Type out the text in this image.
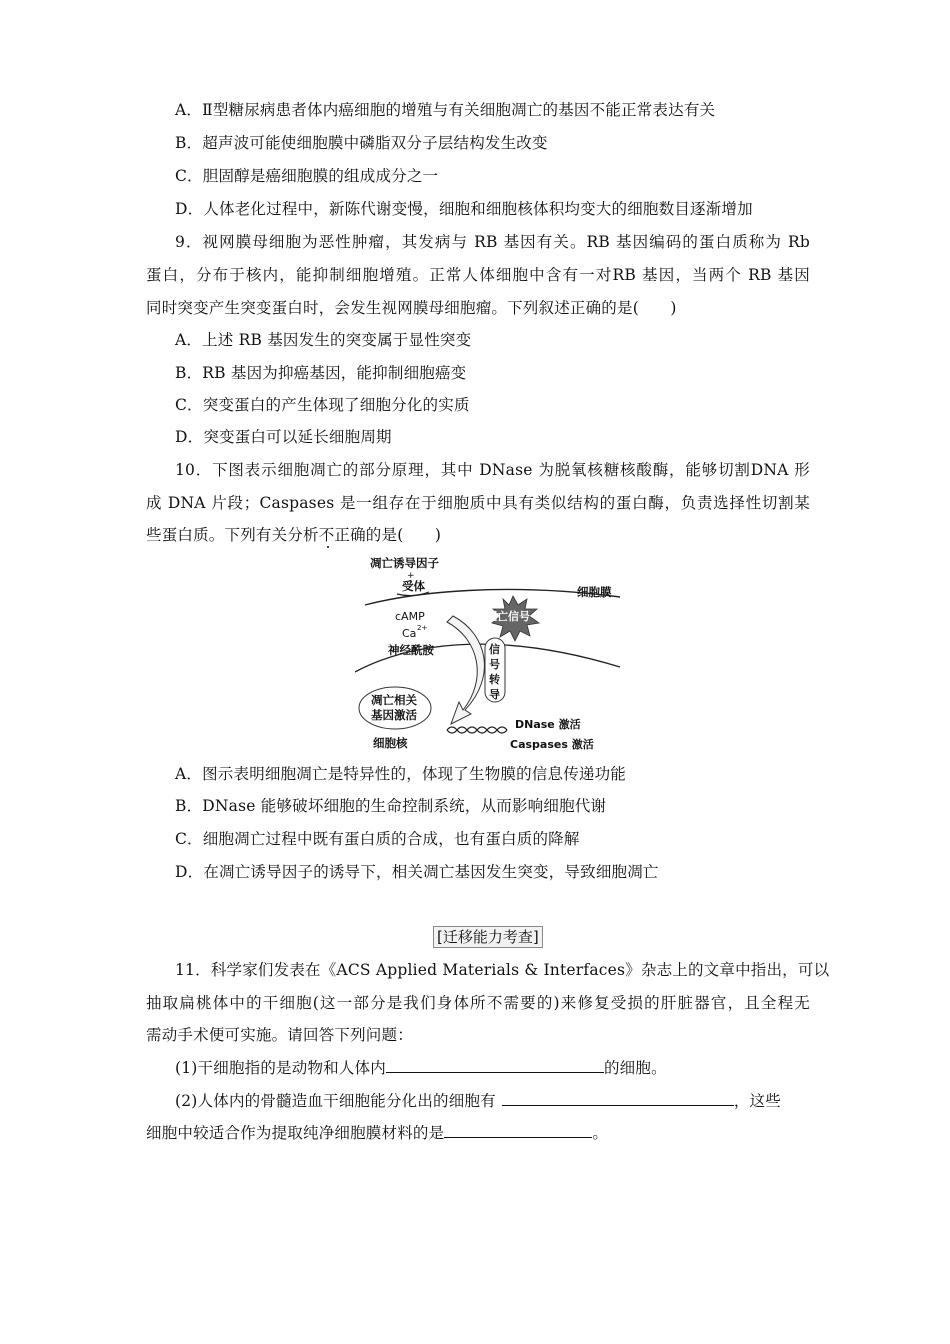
A．Ⅱ型糖尿病患者体内癌细胞的增殖与有关细胞凋亡的基因不能正常表达有关
B．超声波可能使细胞膜中磷脂双分子层结构发生改变
C．胆固醇是癌细胞膜的组成成分之一
D．人体老化过程中，新陈代谢变慢，细胞和细胞核体积均变大的细胞数目逐渐增加
9．视网膜母细胞为恶性肿瘤，其发病与 RB 基因有关。RB 基因编码的蛋白质称为 Rb
蛋白，分布于核内，能抑制细胞增殖。正常人体细胞中含有一对RB 基因，当两个 RB 基因
同时突变产生突变蛋白时，会发生视网膜母细胞瘤。下列叙述正确的是(　　)
A．上述 RB 基因发生的突变属于显性突变
B．RB 基因为抑癌基因，能抑制细胞癌变
C．突变蛋白的产生体现了细胞分化的实质
D．突变蛋白可以延长细胞周期
10．下图表示细胞凋亡的部分原理，其中 DNase 为脱氧核糖核酸酶，能够切割DNA 形
成 DNA 片段；Caspases 是一组存在于细胞质中具有类似结构的蛋白酶，负责选择性切割某
些蛋白质。下列有关分析不正确的是(　　)
凋亡诱导因子
+
受体	细胞膜
死亡信号
cAMP
Ca 2+
神经酰胺	信
号
转
导
凋亡相关
基因激活
DNase 激活
细胞核	Caspases 激活
A．图示表明细胞凋亡是特异性的，体现了生物膜的信息传递功能
B．DNase 能够破坏细胞的生命控制系统，从而影响细胞代谢
C．细胞凋亡过程中既有蛋白质的合成，也有蛋白质的降解
D．在凋亡诱导因子的诱导下，相关凋亡基因发生突变，导致细胞凋亡
[迁移能力考查]
11．科学家们发表在《ACS Applied Materials & Interfaces》杂志上的文章中指出，可以
抽取扁桃体中的干细胞(这一部分是我们身体所不需要的)来修复受损的肝脏器官，且全程无
需动手术便可实施。请回答下列问题：
(1)干细胞指的是动物和人体内	的细胞。
(2)人体内的骨髓造血干细胞能分化出的细胞有	，这些
细胞中较适合作为提取纯净细胞膜材料的是	。
